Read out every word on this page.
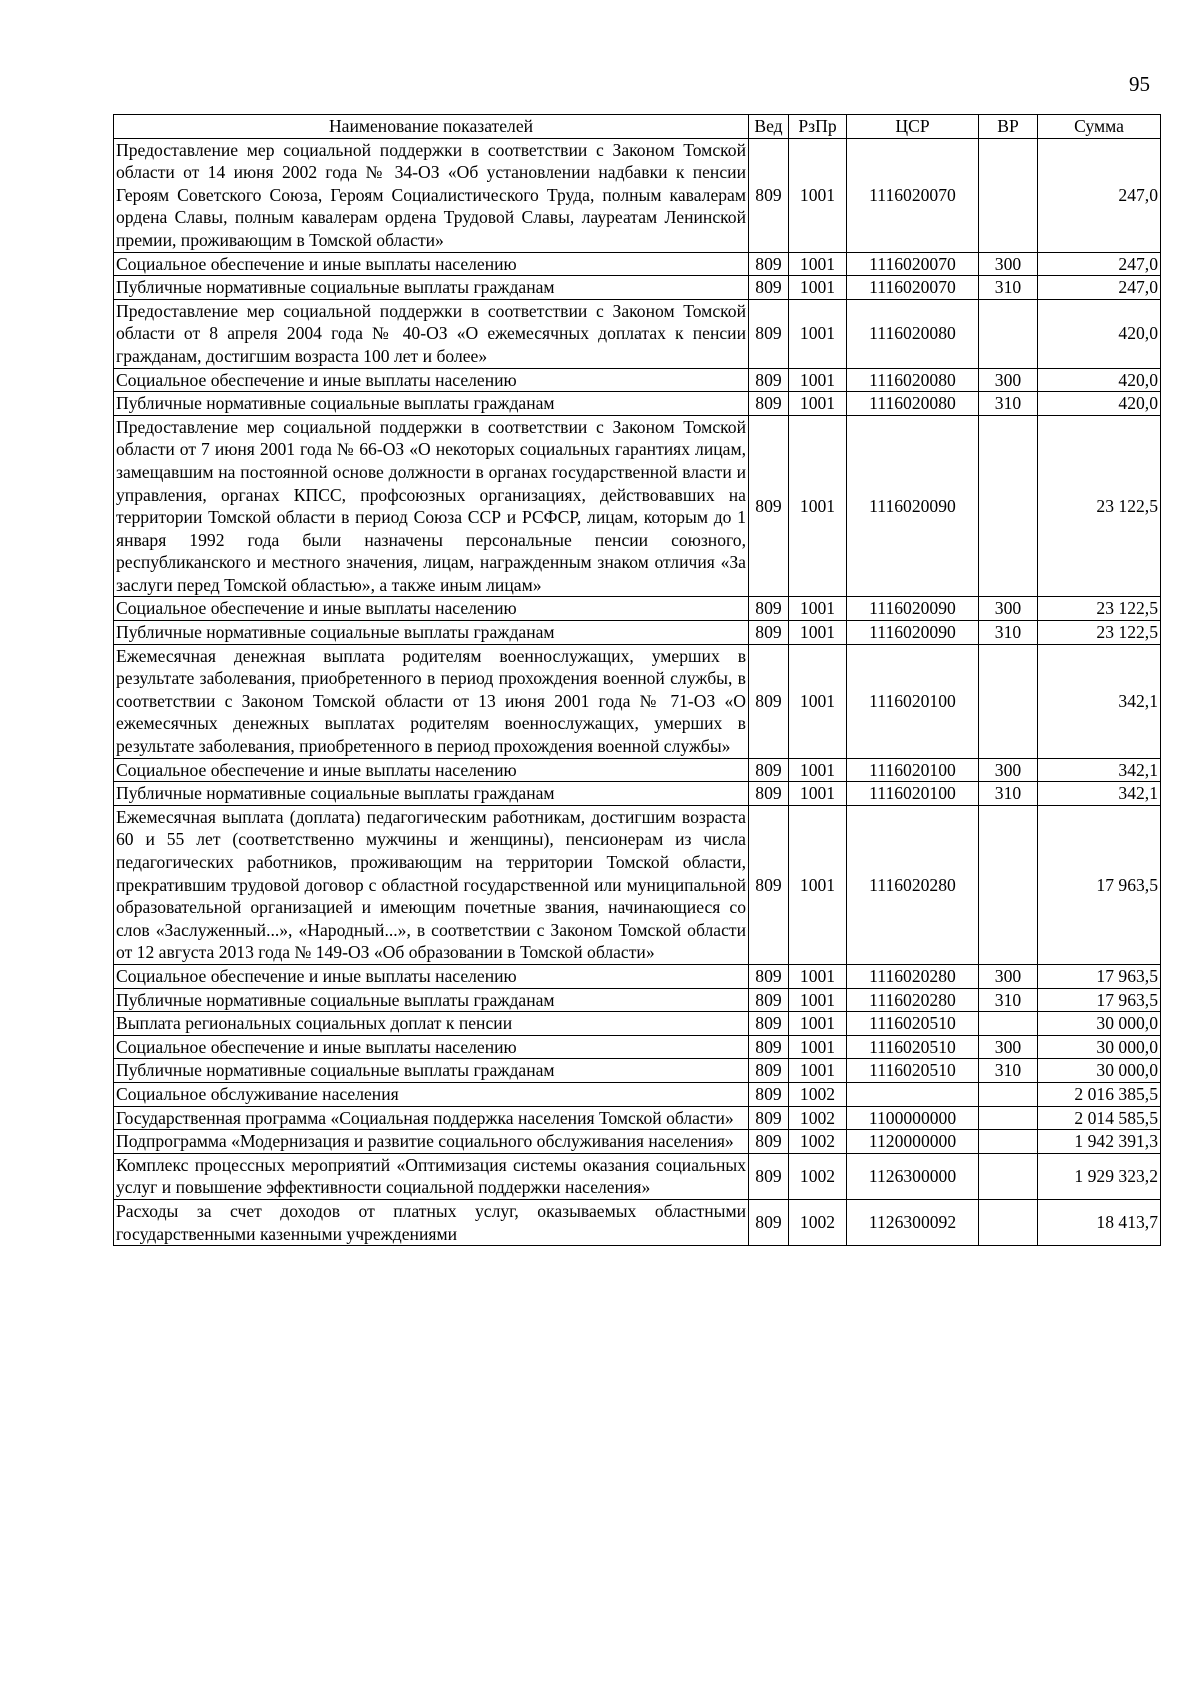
95
Наименование показателей	Вед	РзПр	ЦСР	ВР	Сумма
Предоставление мер социальной поддержки в соответствии с Законом Томской области от 14 июня 2002 года № 34-ОЗ «Об установлении надбавки к пенсии Героям Советского Союза, Героям Социалистического Труда, полным кавалерам ордена Славы, полным кавалерам ордена Трудовой Славы, лауреатам Ленинской премии, проживающим в Томской области»	809	1001	1116020070		247,0
Социальное обеспечение и иные выплаты населению	809	1001	1116020070	300	247,0
Публичные нормативные социальные выплаты гражданам	809	1001	1116020070	310	247,0
Предоставление мер социальной поддержки в соответствии с Законом Томской области от 8 апреля 2004 года № 40-ОЗ «О ежемесячных доплатах к пенсии гражданам, достигшим возраста 100 лет и более»	809	1001	1116020080		420,0
Социальное обеспечение и иные выплаты населению	809	1001	1116020080	300	420,0
Публичные нормативные социальные выплаты гражданам	809	1001	1116020080	310	420,0
Предоставление мер социальной поддержки в соответствии с Законом Томской области от 7 июня 2001 года № 66-ОЗ «О некоторых социальных гарантиях лицам, замещавшим на постоянной основе должности в органах государственной власти и управления, органах КПСС, профсоюзных организациях, действовавших на территории Томской области в период Союза ССР и РСФСР, лицам, которым до 1 января 1992 года были назначены персональные пенсии союзного, республиканского и местного значения, лицам, награжденным знаком отличия «За заслуги перед Томской областью», а также иным лицам»	809	1001	1116020090		23 122,5
Социальное обеспечение и иные выплаты населению	809	1001	1116020090	300	23 122,5
Публичные нормативные социальные выплаты гражданам	809	1001	1116020090	310	23 122,5
Ежемесячная денежная выплата родителям военнослужащих, умерших в результате заболевания, приобретенного в период прохождения военной службы, в соответствии с Законом Томской области от 13 июня 2001 года № 71-ОЗ «О ежемесячных денежных выплатах родителям военнослужащих, умерших в результате заболевания, приобретенного в период прохождения военной службы»	809	1001	1116020100		342,1
Социальное обеспечение и иные выплаты населению	809	1001	1116020100	300	342,1
Публичные нормативные социальные выплаты гражданам	809	1001	1116020100	310	342,1
Ежемесячная выплата (доплата) педагогическим работникам, достигшим возраста 60 и 55 лет (соответственно мужчины и женщины), пенсионерам из числа педагогических работников, проживающим на территории Томской области, прекратившим трудовой договор с областной государственной или муниципальной образовательной организацией и имеющим почетные звания, начинающиеся со слов «Заслуженный...», «Народный...», в соответствии с Законом Томской области от 12 августа 2013 года № 149-ОЗ «Об образовании в Томской области»	809	1001	1116020280		17 963,5
Социальное обеспечение и иные выплаты населению	809	1001	1116020280	300	17 963,5
Публичные нормативные социальные выплаты гражданам	809	1001	1116020280	310	17 963,5
Выплата региональных социальных доплат к пенсии	809	1001	1116020510		30 000,0
Социальное обеспечение и иные выплаты населению	809	1001	1116020510	300	30 000,0
Публичные нормативные социальные выплаты гражданам	809	1001	1116020510	310	30 000,0
Социальное обслуживание населения	809	1002			2 016 385,5
Государственная программа «Социальная поддержка населения Томской области»	809	1002	1100000000		2 014 585,5
Подпрограмма «Модернизация и развитие социального обслуживания населения»	809	1002	1120000000		1 942 391,3
Комплекс процессных мероприятий «Оптимизация системы оказания социальных услуг и повышение эффективности социальной поддержки населения»	809	1002	1126300000		1 929 323,2
Расходы за счет доходов от платных услуг, оказываемых областными государственными казенными учреждениями	809	1002	1126300092		18 413,7
